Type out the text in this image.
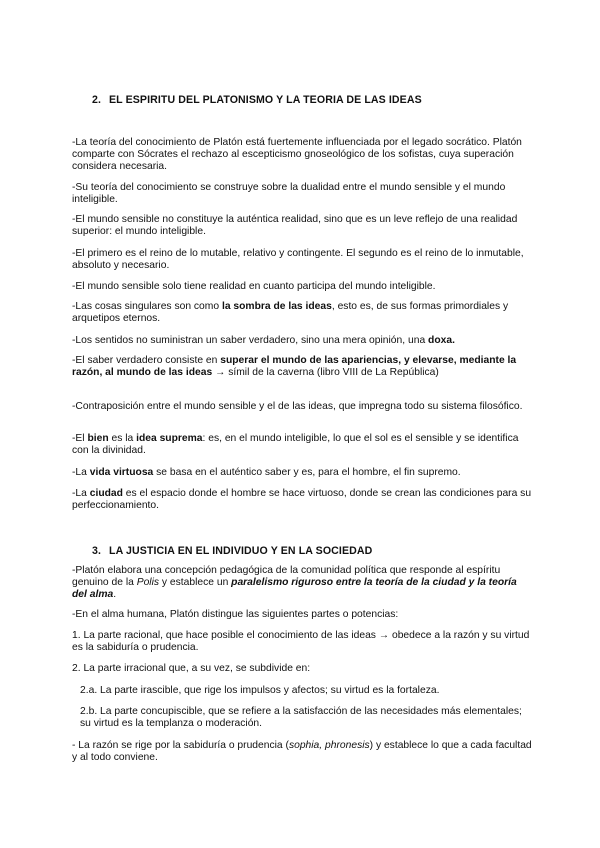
2. EL ESPIRITU DEL PLATONISMO Y LA TEORIA DE LAS IDEAS

-La teoría del conocimiento de Platón está fuertemente influenciada por el legado socrático. Platón comparte con Sócrates el rechazo al escepticismo gnoseológico de los sofistas, cuya superación considera necesaria.

-Su teoría del conocimiento se construye sobre la dualidad entre el mundo sensible y el mundo inteligible.

-El mundo sensible no constituye la auténtica realidad, sino que es un leve reflejo de una realidad superior: el mundo inteligible.

-El primero es el reino de lo mutable, relativo y contingente. El segundo es el reino de lo inmutable, absoluto y necesario.

-El mundo sensible solo tiene realidad en cuanto participa del mundo inteligible.

-Las cosas singulares son como la sombra de las ideas, esto es, de sus formas primordiales y arquetipos eternos.

-Los sentidos no suministran un saber verdadero, sino una mera opinión, una doxa.

-El saber verdadero consiste en superar el mundo de las apariencias, y elevarse, mediante la razón, al mundo de las ideas → símil de la caverna (libro VIII de La República)

-Contraposición entre el mundo sensible y el de las ideas, que impregna todo su sistema filosófico.

-El bien es la idea suprema: es, en el mundo inteligible, lo que el sol es el sensible y se identifica con la divinidad.

-La vida virtuosa se basa en el auténtico saber y es, para el hombre, el fin supremo.

-La ciudad es el espacio donde el hombre se hace virtuoso, donde se crean las condiciones para su perfeccionamiento.

3. LA JUSTICIA EN EL INDIVIDUO Y EN LA SOCIEDAD

-Platón elabora una concepción pedagógica de la comunidad política que responde al espíritu genuino de la Polis y establece un paralelismo riguroso entre la teoría de la ciudad y la teoría del alma.

-En el alma humana, Platón distingue las siguientes partes o potencias:

1. La parte racional, que hace posible el conocimiento de las ideas → obedece a la razón y su virtud es la sabiduría o prudencia.

2. La parte irracional que, a su vez, se subdivide en:

2.a. La parte irascible, que rige los impulsos y afectos; su virtud es la fortaleza.

2.b. La parte concupiscible, que se refiere a la satisfacción de las necesidades más elementales; su virtud es la templanza o moderación.

- La razón se rige por la sabiduría o prudencia (sophia, phronesis) y establece lo que a cada facultad y al todo conviene.
